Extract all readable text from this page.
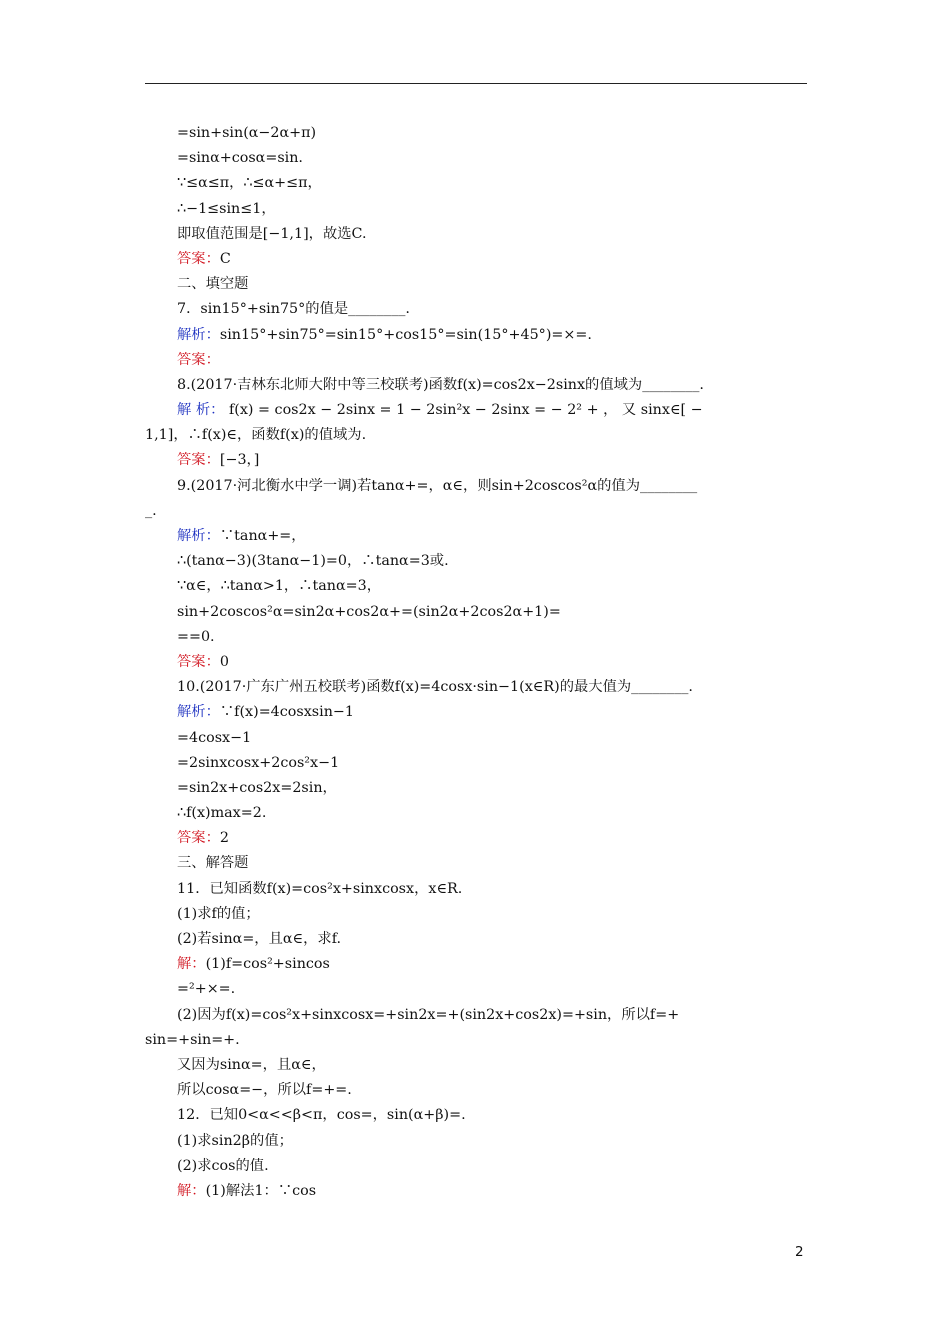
=sin+sin(α−2α+π)
=sinα+cosα=sin.
∵≤α≤π，∴≤α+≤π，
∴−1≤sin≤1，
即取值范围是[−1,1]，故选C.
答案：C
二、填空题
7．sin15°+sin75°的值是________.
解析：sin15°+sin75°=sin15°+cos15°=sin(15°+45°)=×=.
答案：
8.(2017·吉林东北师大附中等三校联考)函数f(x)=cos2x−2sinx的值域为________.
解 析： f(x) = cos2x − 2sinx = 1 − 2sin²x − 2sinx = − 2² + ， 又 sinx∈[ −
1,1]，∴f(x)∈，函数f(x)的值域为.
答案：[−3，]
9.(2017·河北衡水中学一调)若tanα+=，α∈，则sin+2coscos²α的值为________
_.
解析：∵tanα+=，
∴(tanα−3)(3tanα−1)=0，∴tanα=3或.
∵α∈，∴tanα>1，∴tanα=3，
sin+2coscos²α=sin2α+cos2α+=(sin2α+2cos2α+1)=
==0.
答案：0
10.(2017·广东广州五校联考)函数f(x)=4cosx·sin−1(x∈R)的最大值为________.
解析：∵f(x)=4cosxsin−1
=4cosx−1
=2sinxcosx+2cos²x−1
=sin2x+cos2x=2sin，
∴f(x)max=2.
答案：2
三、解答题
11．已知函数f(x)=cos²x+sinxcosx，x∈R.
(1)求f的值；
(2)若sinα=，且α∈，求f.
解：(1)f=cos²+sincos
=²+×=.
(2)因为f(x)=cos²x+sinxcosx=+sin2x=+(sin2x+cos2x)=+sin，所以f=+
sin=+sin=+.
又因为sinα=，且α∈，
所以cosα=−，所以f=+=.
12．已知0<α<<β<π，cos=，sin(α+β)=.
(1)求sin2β的值；
(2)求cos的值.
解：(1)解法1：∵cos
2
